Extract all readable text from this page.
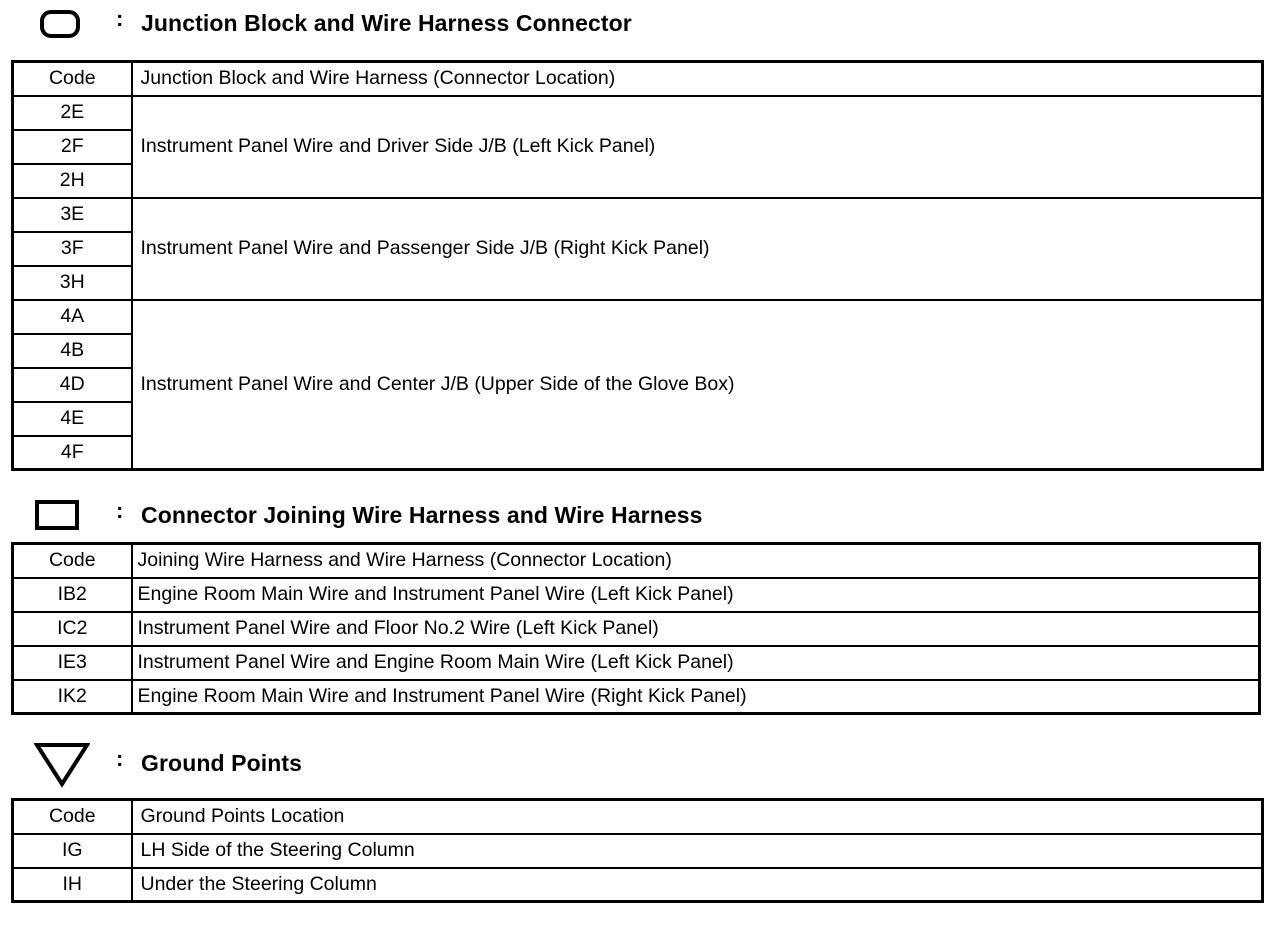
: Junction Block and Wire Harness Connector
Code	Junction Block and Wire Harness (Connector Location)
2E	Instrument Panel Wire and Driver Side J/B (Left Kick Panel)
2F	
2H	
3E	Instrument Panel Wire and Passenger Side J/B (Right Kick Panel)
3F	
3H	
4A	Instrument Panel Wire and Center J/B (Upper Side of the Glove Box)
4B	
4D	
4E	
4F	
: Connector Joining Wire Harness and Wire Harness
Code	Joining Wire Harness and Wire Harness (Connector Location)
IB2	Engine Room Main Wire and Instrument Panel Wire (Left Kick Panel)
IC2	Instrument Panel Wire and Floor No.2 Wire (Left Kick Panel)
IE3	Instrument Panel Wire and Engine Room Main Wire (Left Kick Panel)
IK2	Engine Room Main Wire and Instrument Panel Wire (Right Kick Panel)
: Ground Points
Code	Ground Points Location
IG	LH Side of the Steering Column
IH	Under the Steering Column
